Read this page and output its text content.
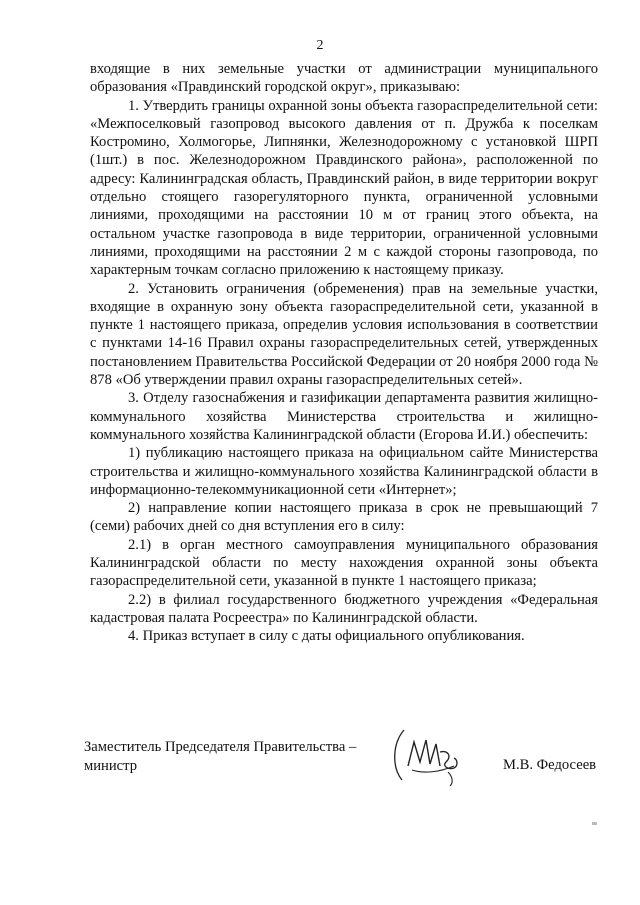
2

входящие в них земельные участки от администрации муниципального образования «Правдинский городской округ», приказываю:

1. Утвердить границы охранной зоны объекта газораспределительной сети: «Межпоселковый газопровод высокого давления от п. Дружба к поселкам Костромино, Холмогорье, Липнянки, Железнодорожному с установкой ШРП (1шт.) в пос. Железнодорожном Правдинского района», расположенной по адресу: Калининградская область, Правдинский район, в виде территории вокруг отдельно стоящего газорегуляторного пункта, ограниченной условными линиями, проходящими на расстоянии 10 м от границ этого объекта, на остальном участке газопровода в виде территории, ограниченной условными линиями, проходящими на расстоянии 2 м с каждой стороны газопровода, по характерным точкам согласно приложению к настоящему приказу.

2. Установить ограничения (обременения) прав на земельные участки, входящие в охранную зону объекта газораспределительной сети, указанной в пункте 1 настоящего приказа, определив условия использования в соответствии с пунктами 14-16 Правил охраны газораспределительных сетей, утвержденных постановлением Правительства Российской Федерации от 20 ноября 2000 года № 878 «Об утверждении правил охраны газораспределительных сетей».

3. Отделу газоснабжения и газификации департамента развития жилищно-коммунального хозяйства Министерства строительства и жилищно-коммунального хозяйства Калининградской области (Егорова И.И.) обеспечить:

1) публикацию настоящего приказа на официальном сайте Министерства строительства и жилищно-коммунального хозяйства Калининградской области в информационно-телекоммуникационной сети «Интернет»;

2) направление копии настоящего приказа в срок не превышающий 7 (семи) рабочих дней со дня вступления его в силу:

2.1) в орган местного самоуправления муниципального образования Калининградской области по месту нахождения охранной зоны объекта газораспределительной сети, указанной в пункте 1 настоящего приказа;

2.2) в филиал государственного бюджетного учреждения «Федеральная кадастровая палата Росреестра» по Калининградской области.

4. Приказ вступает в силу с даты официального опубликования.

Заместитель Председателя Правительства –
министр	М.В. Федосеев
